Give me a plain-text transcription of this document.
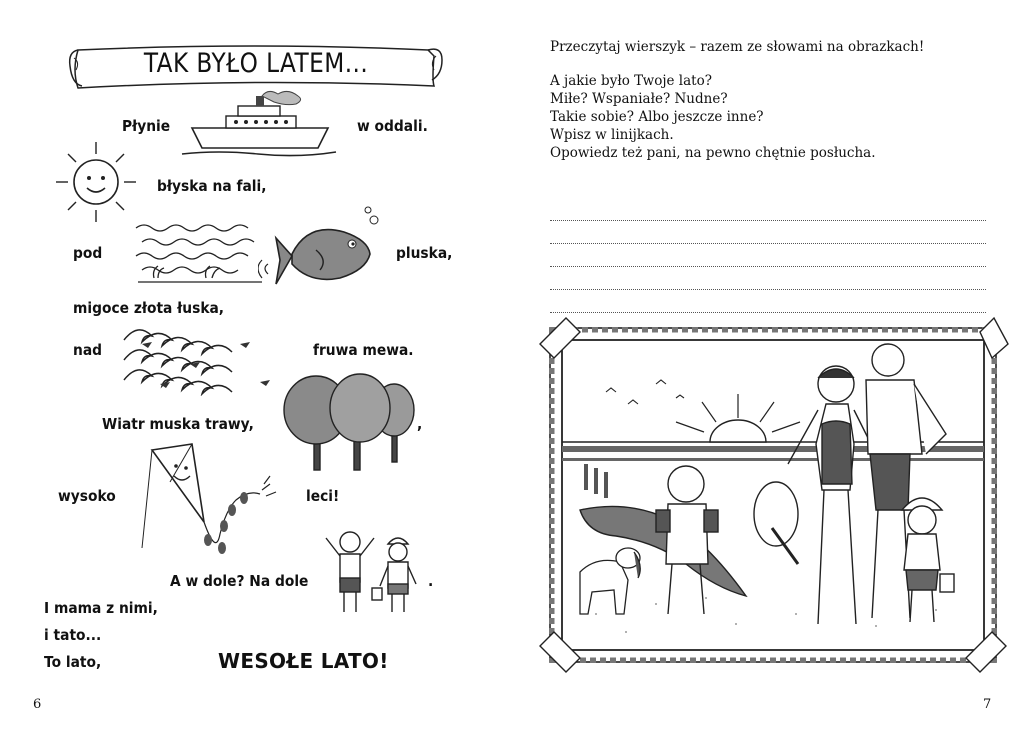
TAK BYŁO LATEM...
Płynie	w oddali.
błyska na fali,
pod	pluska,
migoce złota łuska,
nad	fruwa mewa.
Wiatr muska trawy,	,
wysoko	leci!
A w dole? Na dole	.
I mama z nimi,
i tato...
To lato,	WESOŁE LATO!
6

Przeczytaj wierszyk – razem ze słowami na obrazkach!

A jakie było Twoje lato?

Miłe? Wspaniałe? Nudne?

Takie sobie? Albo jeszcze inne?

Wpisz w linijkach.

Opowiedz też pani, na pewno chętnie posłucha.

7
